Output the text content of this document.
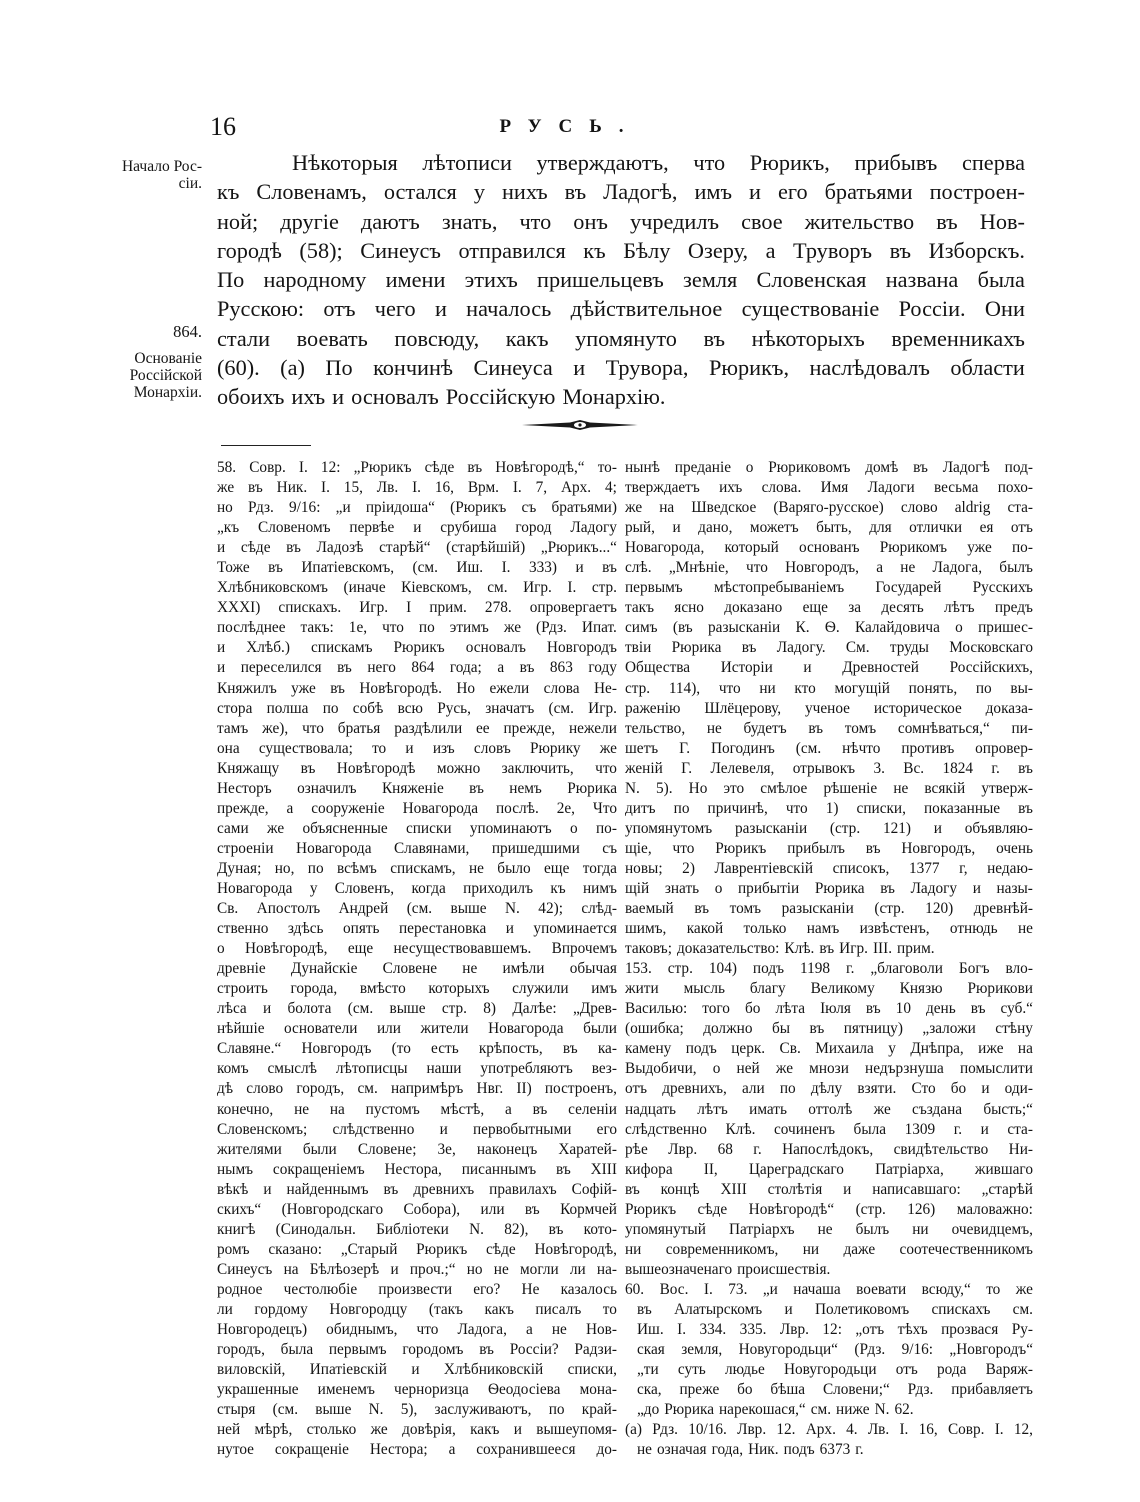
16	РУСЬ.
Начало Рос-
сіи.
864.
Основаніе
Россійской
Монархіи.
Нѣкоторыя лѣтописи утверждаютъ, что Рюрикъ, прибывъ сперва
къ Словенамъ, остался у нихъ въ Ладогѣ, имъ и его братьями построен-
ной; другіе даютъ знать, что онъ учредилъ свое жительство въ Нов-
городѣ (58); Синеусъ отправился къ Бѣлу Озеру, а Труворъ въ Изборскъ.
По народному имени этихъ пришельцевъ земля Словенская названа была
Русскою: отъ чего и началось дѣйствительное существованіе Россіи. Они
стали воевать повсюду, какъ упомянуто въ нѣкоторыхъ временникахъ
(60). (а) По кончинѣ Синеуса и Трувора, Рюрикъ, наслѣдовалъ области
обоихъ ихъ и основалъ Россійскую Монархію.
58. Совр. I. 12: „Рюрикъ сѣде въ Новѣгородѣ,“ то-
же въ Ник. I. 15, Лв. I. 16, Врм. I. 7, Арх. 4;
но Рдз. 9/16: „и пріидоша“ (Рюрикъ съ братьями)
„къ Словеномъ первѣе и срубиша город Ладогу
и сѣде въ Ладозѣ старѣй“ (старѣйшій) „Рюрикъ...“
Тоже въ Ипатіевскомъ, (см. Иш. I. 333) и въ
Хлѣбниковскомъ (иначе Кіевскомъ, см. Игр. I. стр.
XXXI) спискахъ. Игр. I прим. 278. опровергаетъ
послѣднее такъ: 1е, что по этимъ же (Рдз. Ипат.
и Хлѣб.) спискамъ Рюрикъ основалъ Новгородъ
и переселился въ него 864 года; а въ 863 году
Княжилъ уже въ Новѣгородѣ. Но ежели слова Не-
стора полша по собѣ всю Русь, значатъ (см. Игр.
тамъ же), что братья раздѣлили ее прежде, нежели
она существовала; то и изъ словъ Рюрику же
Княжащу въ Новѣгородѣ можно заключить, что
Несторъ означилъ Княженіе въ немъ Рюрика
прежде, а сооруженіе Новагорода послѣ. 2е, Что
сами же объясненные списки упоминаютъ о по-
строеніи Новагорода Славянами, пришедшими съ
Дуная; но, по всѣмъ спискамъ, не было еще тогда
Новагорода у Словенъ, когда приходилъ къ нимъ
Св. Апостолъ Андрей (см. выше N. 42); слѣд-
ственно здѣсь опять перестановка и упоминается
о Новѣгородѣ, еще несуществовавшемъ. Впрочемъ
древніе Дунайскіе Словене не имѣли обычая
строить города, вмѣсто которыхъ служили имъ
лѣса и болота (см. выше стр. 8) Далѣе: „Древ-
нѣйшіе основатели или жители Новагорода были
Славяне.“ Новгородъ (то есть крѣпость, въ ка-
комъ смыслѣ лѣтописцы наши употребляютъ вез-
дѣ слово городъ, см. напримѣръ Нвг. II) построенъ,
конечно, не на пустомъ мѣстѣ, а въ селеніи
Словенскомъ; слѣдственно и первобытными его
жителями были Словене; 3е, наконецъ Харатей-
нымъ сокращеніемъ Нестора, писаннымъ въ XIII
вѣкѣ и найденнымъ въ древнихъ правилахъ Софій-
скихъ“ (Новгородскаго Собора), или въ Кормчей
книгѣ (Синодальн. Библіотеки N. 82), въ кото-
ромъ сказано: „Старый Рюрикъ сѣде Новѣгородѣ,
Синеусъ на Бѣлѣозерѣ и проч.;“ но не могли ли на-
родное честолюбіе произвести его? Не казалось
ли гордому Новгородцу (такъ какъ писалъ то
Новгородецъ) обиднымъ, что Ладога, а не Нов-
городъ, была первымъ городомъ въ Россіи? Радзи-
виловскій, Ипатіевскій и Хлѣбниковскій списки,
украшенные именемъ черноризца Ѳеодосіева мона-
стыря (см. выше N. 5), заслуживаютъ, по край-
ней мѣрѣ, столько же довѣрія, какъ и вышеупомя-
нутое сокращеніе Нестора; а сохранившееся до-
нынѣ преданіе о Рюриковомъ домѣ въ Ладогѣ под-
тверждаетъ ихъ слова. Имя Ладоги весьма похо-
же на Шведское (Варяго-русское) слово aldrig ста-
рый, и дано, можетъ быть, для отлички ея отъ
Новагорода, который основанъ Рюрикомъ уже по-
слѣ. „Мнѣніе, что Новгородъ, а не Ладога, былъ
первымъ мѣстопребываніемъ Государей Русскихъ
такъ ясно доказано еще за десять лѣтъ предъ
симъ (въ разысканіи К. Ѳ. Калайдовича о пришес-
твіи Рюрика въ Ладогу. См. труды Московскаго
Общества Исторіи и Древностей Россійскихъ,
стр. 114), что ни кто могущій понять, по вы-
раженію Шлёцерову, ученое историческое доказа-
тельство, не будетъ въ томъ сомнѣваться,“ пи-
шетъ Г. Погодинъ (см. нѣчто противъ опровер-
женій Г. Лелевеля, отрывокъ 3. Вс. 1824 г. въ
N. 5). Но это смѣлое рѣшеніе не всякій утверж-
дитъ по причинѣ, что 1) списки, показанные въ
упомянутомъ разысканіи (стр. 121) и объявляю-
щіе, что Рюрикъ прибылъ въ Новгородъ, очень
новы; 2) Лаврентіевскій списокъ, 1377 г, недаю-
щій знать о прибытіи Рюрика въ Ладогу и назы-
ваемый въ томъ разысканіи (стр. 120) древнѣй-
шимъ, какой только намъ извѣстенъ, отнюдь не
таковъ; доказательство: Клѣ. въ Игр. III. прим.
153. стр. 104) подъ 1198 г. „благоволи Богъ вло-
жити мысль благу Великому Князю Рюрикови
Василью: того бо лѣта Іюля въ 10 день въ суб.“
(ошибка; должно бы въ пятницу) „заложи стѣну
камену подъ церк. Св. Михаила у Днѣпра, иже на
Выдобичи, о ней же мнози недързнуша помыслити
отъ древнихъ, али по дѣлу взяти. Сто бо и оди-
надцать лѣтъ имать оттолѣ же създана бысть;“
слѣдственно Клѣ. сочиненъ была 1309 г. и ста-
рѣе Лвр. 68 г. Напослѣдокъ, свидѣтельство Ни-
кифора II, Цареградскаго Патріарха, жившаго
въ концѣ XIII столѣтія и написавшаго: „старѣй
Рюрикъ сѣде Новѣгородѣ“ (стр. 126) маловажно:
упомянутый Патріархъ не былъ ни очевидцемъ,
ни современникомъ, ни даже соотечественникомъ
вышеозначенаго происшествія.
60. Вос. I. 73. „и начаша воевати всюду,“ то же
въ Алатырскомъ и Полетиковомъ спискахъ см.
Иш. I. 334. 335. Лвр. 12: „отъ тѣхъ прозвася Ру-
ская земля, Новугородьци“ (Рдз. 9/16: „Новгородъ“
„ти суть людье Новугородьци отъ рода Варяж-
ска, преже бо бѣша Словени;“ Рдз. прибавляетъ
„до Рюрика нарекошася,“ см. ниже N. 62.
(а) Рдз. 10/16. Лвр. 12. Арх. 4. Лв. I. 16, Совр. I. 12,
не означая года, Ник. подъ 6373 г.
